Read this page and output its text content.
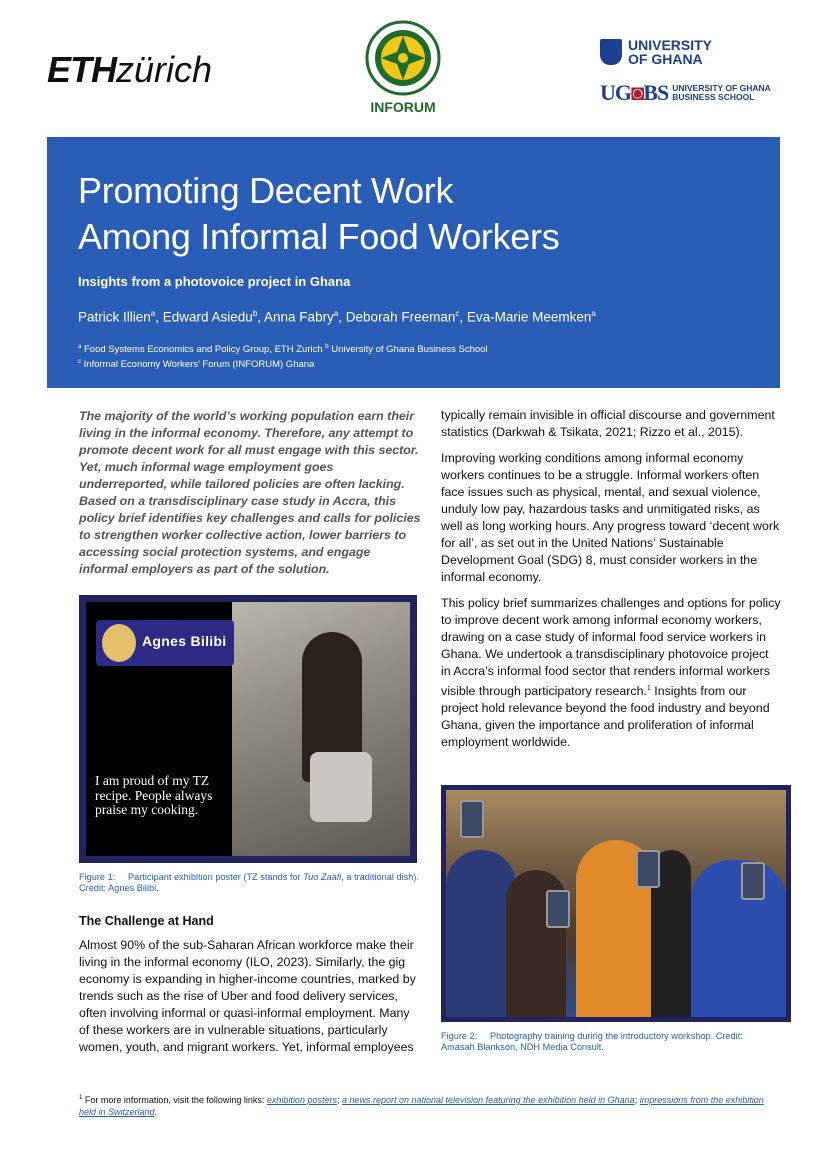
ETHzürich
INFORUM
UNIVERSITY
OF GHANA
UG◙BS UNIVERSITY OF GHANA
BUSINESS SCHOOL
Promoting Decent Work
Among Informal Food Workers
Insights from a photovoice project in Ghana
Patrick Illien$^a$, Edward Asiedu$^b$, Anna Fabry$^a$, Deborah Freeman$^c$, Eva-Marie Meemken$^a$
$^a$ Food Systems Economics and Policy Group, ETH Zurich $^b$ University of Ghana Business School
$^c$ Informal Economy Workers’ Forum (INFORUM) Ghana
The majority of the world’s working population earn their living in the informal economy. Therefore, any attempt to promote decent work for all must engage with this sector. Yet, much informal wage employment goes underreported, while tailored policies are often lacking. Based on a transdisciplinary case study in Accra, this policy brief identifies key challenges and calls for policies to strengthen worker collective action, lower barriers to accessing social protection systems, and engage informal employers as part of the solution.

typically remain invisible in official discourse and government statistics (Darkwah & Tsikata, 2021; Rizzo et al., 2015).

Improving working conditions among informal economy workers continues to be a struggle. Informal workers often face issues such as physical, mental, and sexual violence, unduly low pay, hazardous tasks and unmitigated risks, as well as long working hours. Any progress toward ‘decent work for all’, as set out in the United Nations’ Sustainable Development Goal (SDG) 8, must consider workers in the informal economy.

This policy brief summarizes challenges and options for policy to improve decent work among informal economy workers, drawing on a case study of informal food service workers in Ghana. We undertook a transdisciplinary photovoice project in Accra’s informal food sector that renders informal workers visible through participatory research.$^1$ Insights from our project hold relevance beyond the food industry and beyond Ghana, given the importance and proliferation of informal employment worldwide.

Agnes Bilibi
I am proud of my TZ recipe. People always praise my cooking.
Figure 1: Participant exhibition poster (TZ stands for Tuo Zaafi, a traditional dish). Credit: Agnes Bilibi.
The Challenge at Hand

Almost 90% of the sub-Saharan African workforce make their living in the informal economy (ILO, 2023). Similarly, the gig economy is expanding in higher-income countries, marked by trends such as the rise of Uber and food delivery services, often involving informal or quasi-informal employment. Many of these workers are in vulnerable situations, particularly women, youth, and migrant workers. Yet, informal employees

Figure 2: Photography training during the introductory workshop. Credit: Amasah Blankson, NDH Media Consult.
$^1$ For more information, visit the following links: exhibition posters; a news report on national television featuring the exhibition held in Ghana; impressions from the exhibition held in Switzerland.
